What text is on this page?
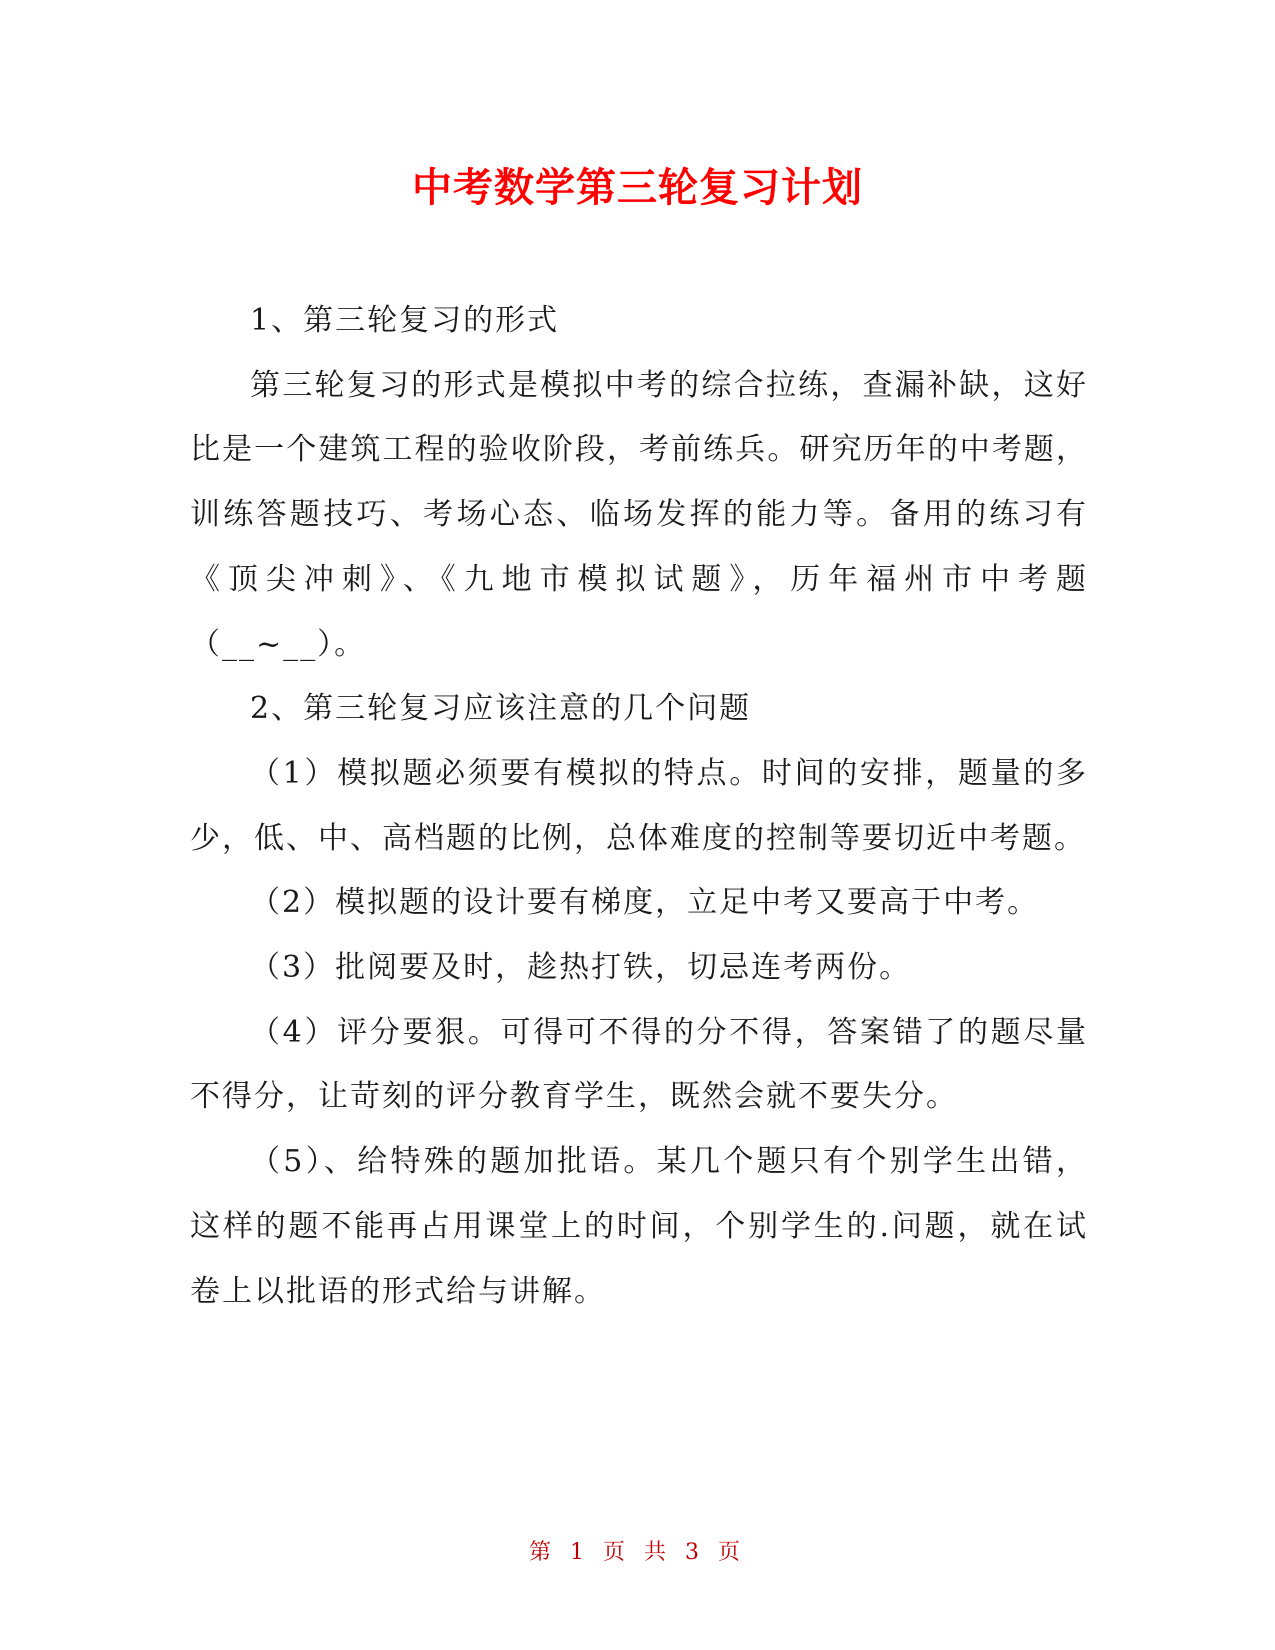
中考数学第三轮复习计划

1、第三轮复习的形式

第三轮复习的形式是模拟中考的综合拉练，查漏补缺，这好比是一个建筑工程的验收阶段，考前练兵。研究历年的中考题，训练答题技巧、考场心态、临场发挥的能力等。备用的练习有《顶尖冲刺》、《九地市模拟试题》，历年福州市中考题（__~__）。

2、第三轮复习应该注意的几个问题

（1）模拟题必须要有模拟的特点。时间的安排，题量的多少，低、中、高档题的比例，总体难度的控制等要切近中考题。

（2）模拟题的设计要有梯度，立足中考又要高于中考。

（3）批阅要及时，趁热打铁，切忌连考两份。

（4）评分要狠。可得可不得的分不得，答案错了的题尽量不得分，让苛刻的评分教育学生，既然会就不要失分。

（5）、给特殊的题加批语。某几个题只有个别学生出错，这样的题不能再占用课堂上的时间，个别学生的.问题，就在试卷上以批语的形式给与讲解。

第 1 页 共 3 页
